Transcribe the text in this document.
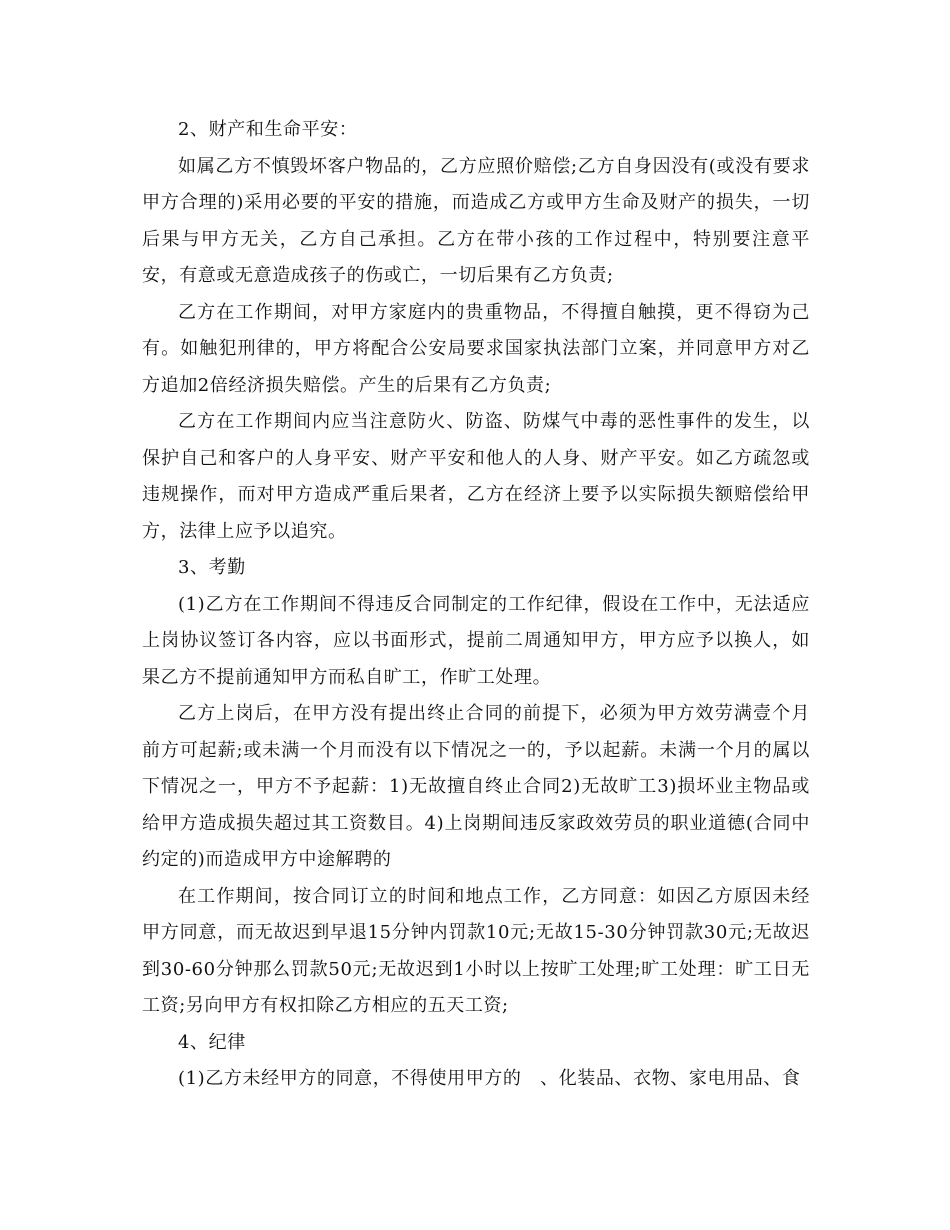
2、财产和生命平安：

如属乙方不慎毁坏客户物品的，乙方应照价赔偿;乙方自身因没有(或没有要求甲方合理的)采用必要的平安的措施，而造成乙方或甲方生命及财产的损失，一切后果与甲方无关，乙方自己承担。乙方在带小孩的工作过程中，特别要注意平安，有意或无意造成孩子的伤或亡，一切后果有乙方负责;

乙方在工作期间，对甲方家庭内的贵重物品，不得擅自触摸，更不得窃为己有。如触犯刑律的，甲方将配合公安局要求国家执法部门立案，并同意甲方对乙方追加2倍经济损失赔偿。产生的后果有乙方负责;

乙方在工作期间内应当注意防火、防盗、防煤气中毒的恶性事件的发生，以保护自己和客户的人身平安、财产平安和他人的人身、财产平安。如乙方疏忽或违规操作，而对甲方造成严重后果者，乙方在经济上要予以实际损失额赔偿给甲方，法律上应予以追究。

3、考勤

(1)乙方在工作期间不得违反合同制定的工作纪律，假设在工作中，无法适应上岗协议签订各内容，应以书面形式，提前二周通知甲方，甲方应予以换人，如果乙方不提前通知甲方而私自旷工，作旷工处理。

乙方上岗后，在甲方没有提出终止合同的前提下，必须为甲方效劳满壹个月前方可起薪;或未满一个月而没有以下情况之一的，予以起薪。未满一个月的属以下情况之一，甲方不予起薪：1)无故擅自终止合同2)无故旷工3)损坏业主物品或给甲方造成损失超过其工资数目。4)上岗期间违反家政效劳员的职业道德(合同中约定的)而造成甲方中途解聘的

在工作期间，按合同订立的时间和地点工作，乙方同意：如因乙方原因未经甲方同意，而无故迟到早退15分钟内罚款10元;无故15-30分钟罚款30元;无故迟到30-60分钟那么罚款50元;无故迟到1小时以上按旷工处理;旷工处理：旷工日无工资;另向甲方有权扣除乙方相应的五天工资;

4、纪律

(1)乙方未经甲方的同意，不得使用甲方的　、化装品、衣物、家电用品、食
